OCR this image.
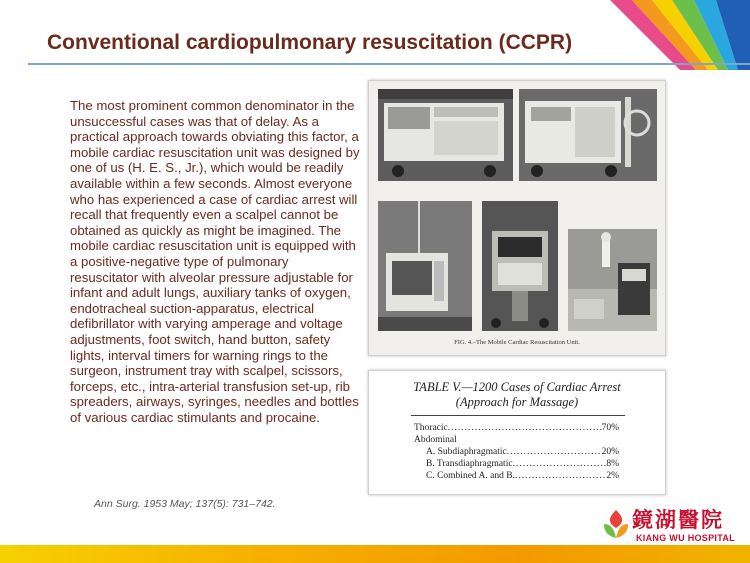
Conventional cardiopulmonary resuscitation (CCPR)

The most prominent common denominator in the unsuccessful cases was that of delay. As a practical approach towards obviating this factor, a mobile cardiac resuscitation unit was designed by one of us (H. E. S., Jr.), which would be readily available within a few seconds. Almost everyone who has experienced a case of cardiac arrest will recall that frequently even a scalpel cannot be obtained as quickly as might be imagined. The mobile cardiac resuscitation unit is equipped with a positive-negative type of pulmonary resuscitator with alveolar pressure adjustable for infant and adult lungs, auxiliary tanks of oxygen, endotracheal suction-apparatus, electrical defibrillator with varying amperage and voltage adjustments, foot switch, hand button, safety lights, interval timers for warning rings to the surgeon, instrument tray with scalpel, scissors, forceps, etc., intra-arterial transfusion set-up, rib spreaders, airways, syringes, needles and bottles of various cardiac stimulants and procaine.

Ann Surg. 1953 May; 137(5): 731–742.

FIG. 4.–The Mobile Cardiac Resuscitation Unit.

TABLE V.—1200 Cases of Cardiac Arrest
(Approach for Massage)

Thoracic .....	70%
Abdominal
A. Subdiaphragmatic .....	20%
B. Transdiaphragmatic .....	8%
C. Combined A. and B. .....	2%

鏡湖醫院

KIANG WU HOSPITAL
